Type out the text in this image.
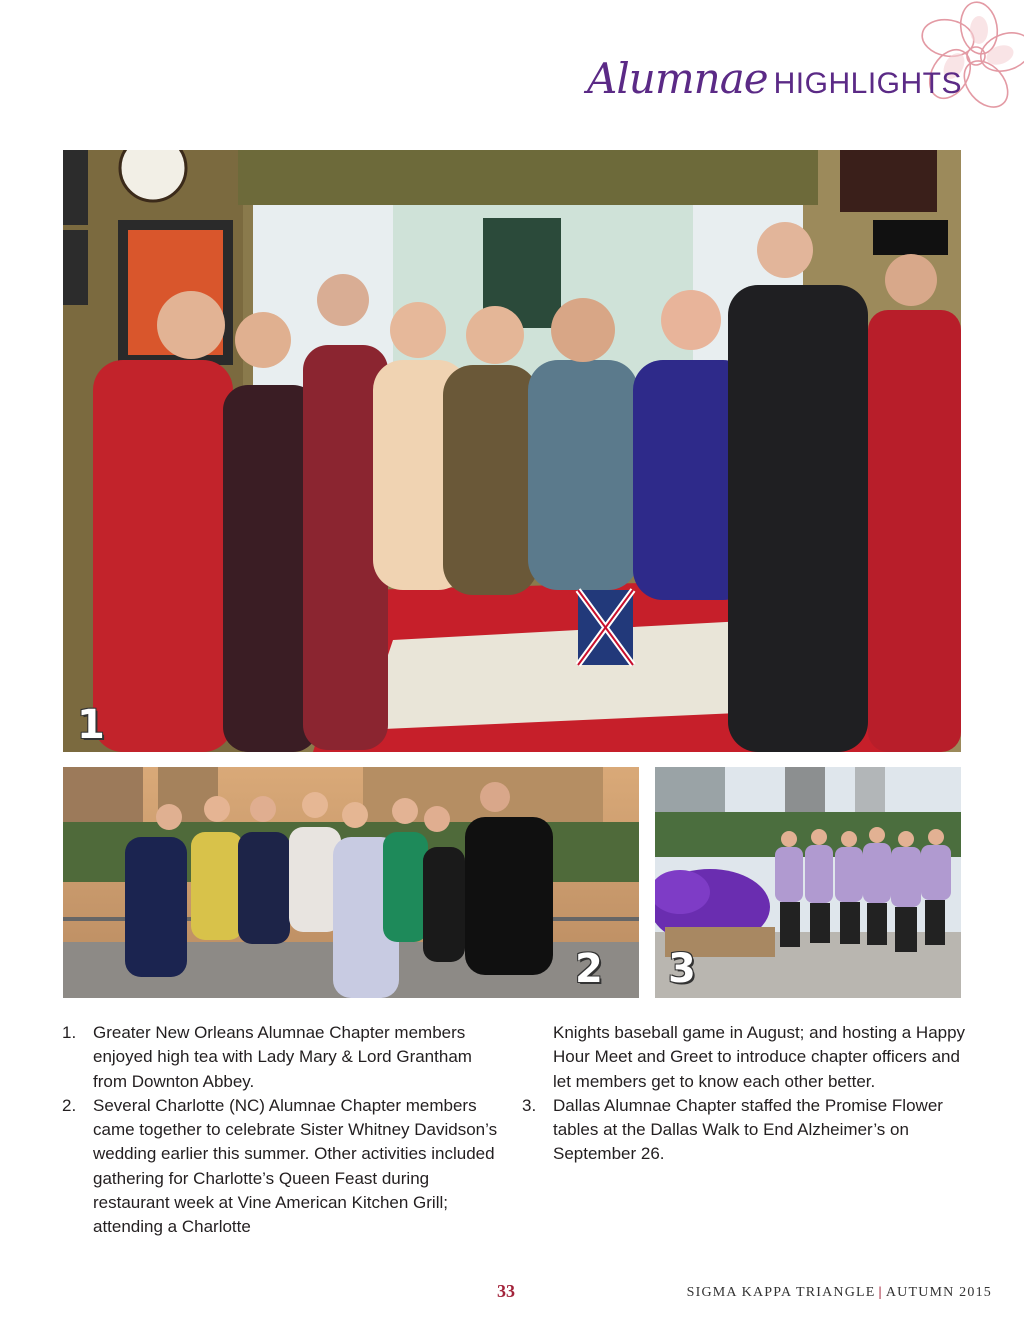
Alumnae HIGHLIGHTS
1
2 3
1. Greater New Orleans Alumnae Chapter members enjoyed high tea with Lady Mary & Lord Grantham from Downton Abbey.
2. Several Charlotte (NC) Alumnae Chapter members came together to celebrate Sister Whitney Davidson’s wedding earlier this summer. Other activities included gathering for Charlotte’s Queen Feast during restaurant week at Vine American Kitchen Grill; attending a Charlotte
Knights baseball game in August; and hosting a Happy Hour Meet and Greet to introduce chapter officers and let members get to know each other better.
3. Dallas Alumnae Chapter staffed the Promise Flower tables at the Dallas Walk to End Alzheimer’s on September 26.
33	SIGMA KAPPA TRIANGLE | AUTUMN 2015
